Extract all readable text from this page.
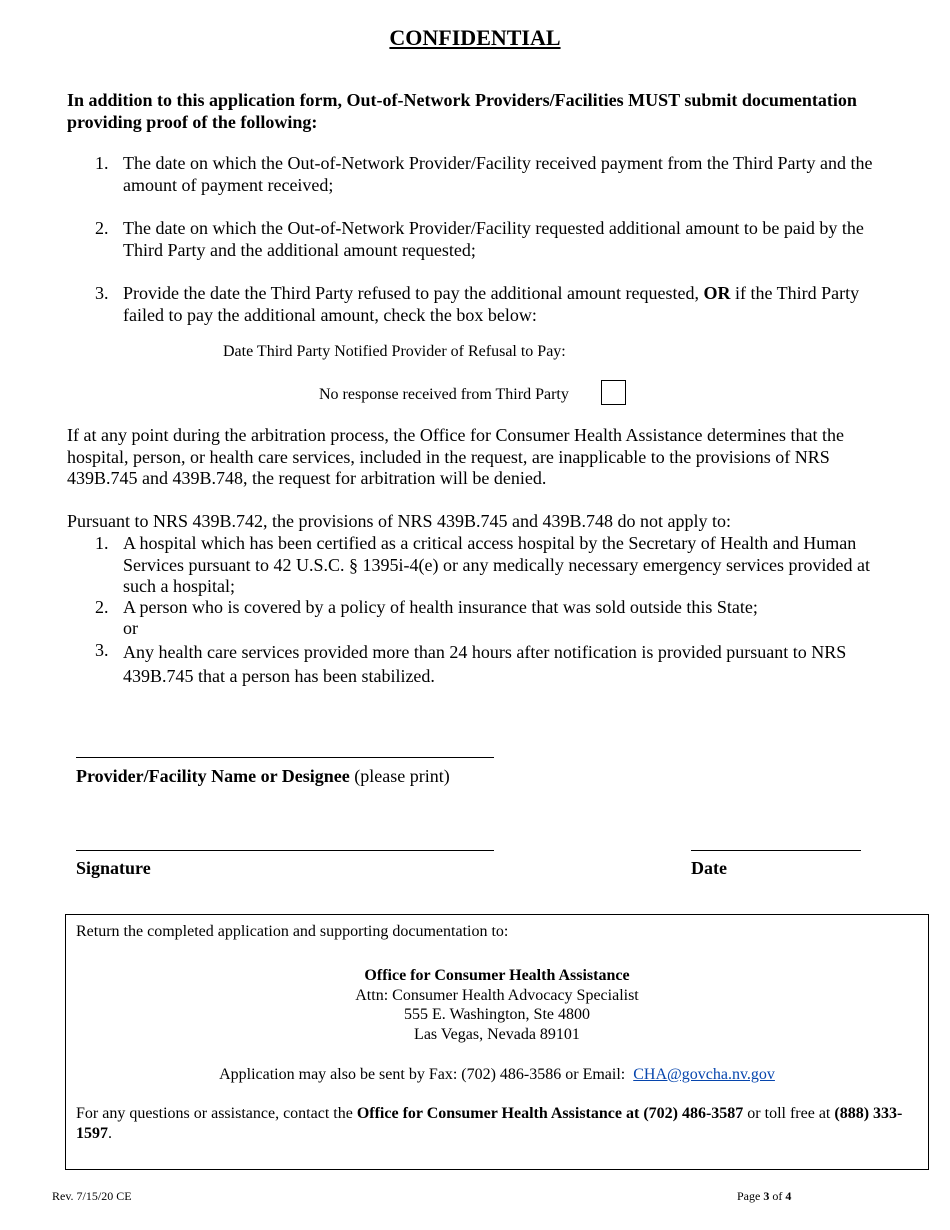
CONFIDENTIAL
In addition to this application form, Out-of-Network Providers/Facilities MUST submit documentation providing proof of the following:
1. The date on which the Out-of-Network Provider/Facility received payment from the Third Party and the amount of payment received;
2. The date on which the Out-of-Network Provider/Facility requested additional amount to be paid by the Third Party and the additional amount requested;
3. Provide the date the Third Party refused to pay the additional amount requested, OR if the Third Party failed to pay the additional amount, check the box below:
Date Third Party Notified Provider of Refusal to Pay:
No response received from Third Party
If at any point during the arbitration process, the Office for Consumer Health Assistance determines that the hospital, person, or health care services, included in the request, are inapplicable to the provisions of NRS 439B.745 and 439B.748, the request for arbitration will be denied.
Pursuant to NRS 439B.742, the provisions of NRS 439B.745 and 439B.748 do not apply to:
1. A hospital which has been certified as a critical access hospital by the Secretary of Health and Human Services pursuant to 42 U.S.C. § 1395i-4(e) or any medically necessary emergency services provided at such a hospital;
2. A person who is covered by a policy of health insurance that was sold outside this State;
or
3. Any health care services provided more than 24 hours after notification is provided pursuant to NRS 439B.745 that a person has been stabilized.
Provider/Facility Name or Designee (please print)
Signature	Date
Return the completed application and supporting documentation to:
Office for Consumer Health Assistance
Attn: Consumer Health Advocacy Specialist
555 E. Washington, Ste 4800
Las Vegas, Nevada 89101
Application may also be sent by Fax: (702) 486-3586 or Email: CHA@govcha.nv.gov
For any questions or assistance, contact the Office for Consumer Health Assistance at (702) 486-3587 or toll free at (888) 333-1597.
Rev. 7/15/20 CE	Page 3 of 4
